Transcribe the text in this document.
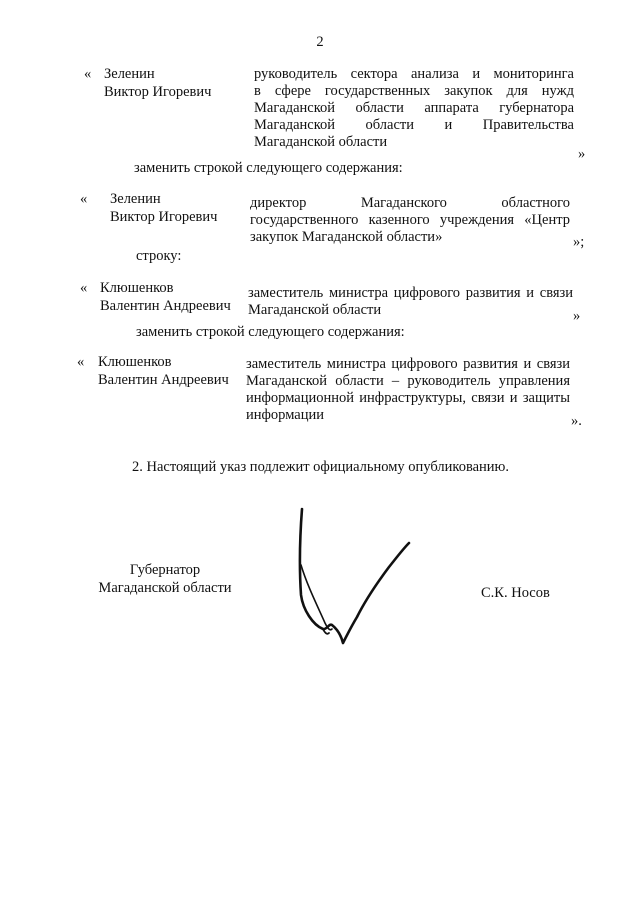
2
« Зеленин
Виктор Игоревич
руководитель сектора анализа и мониторинга
в сфере государственных закупок для нужд
Магаданской области аппарата губернатора
Магаданской области и Правительства
Магаданской области
»
заменить строкой следующего содержания:
« Зеленин
Виктор Игоревич
директор Магаданского областного
государственного казенного учреждения «Центр
закупок Магаданской области»	»;
строку:
« Клюшенков
Валентин Андреевич
заместитель министра цифрового развития и связи
Магаданской области	»
заменить строкой следующего содержания:
« Клюшенков
Валентин Андреевич
заместитель министра цифрового развития и связи
Магаданской области – руководитель управления
информационной инфраструктуры, связи и защиты
информации	».
2. Настоящий указ подлежит официальному опубликованию.
Губернатор
Магаданской области	С.К. Носов
